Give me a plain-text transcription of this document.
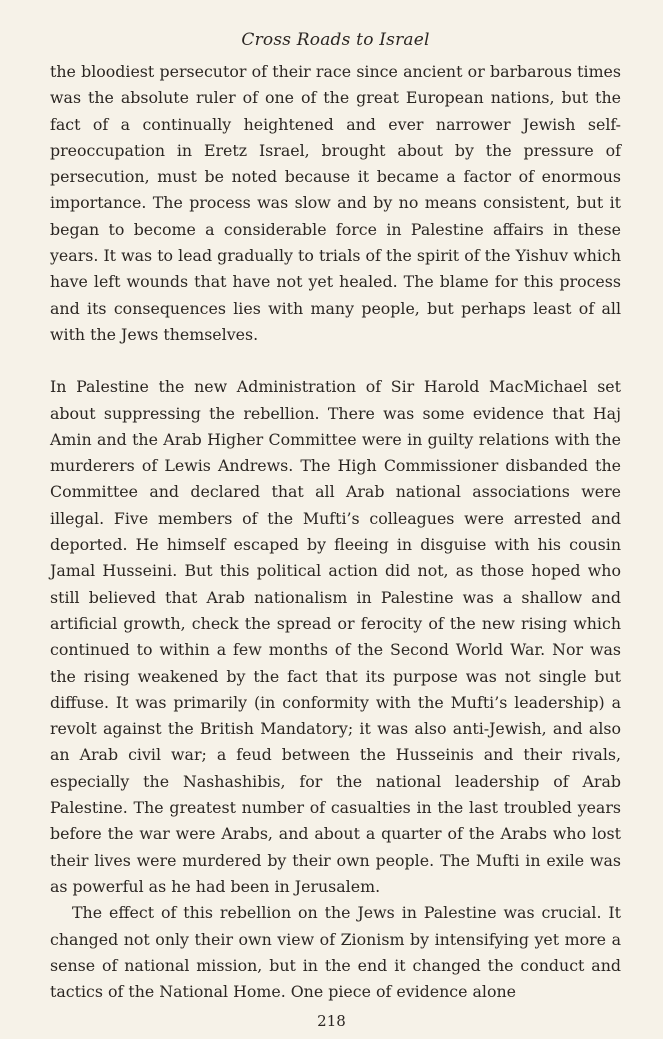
Cross Roads to Israel

the bloodiest persecutor of their race since ancient or barbarous times was the absolute ruler of one of the great European nations, but the fact of a continually heightened and ever narrower Jewish self-preoccupation in Eretz Israel, brought about by the pressure of persecution, must be noted because it became a factor of enormous importance. The process was slow and by no means consistent, but it began to become a considerable force in Palestine affairs in these years. It was to lead gradually to trials of the spirit of the Yishuv which have left wounds that have not yet healed. The blame for this process and its consequences lies with many people, but perhaps least of all with the Jews themselves.

In Palestine the new Administration of Sir Harold MacMichael set about suppressing the rebellion. There was some evidence that Haj Amin and the Arab Higher Committee were in guilty relations with the murderers of Lewis Andrews. The High Commissioner disbanded the Committee and declared that all Arab national associations were illegal. Five members of the Mufti’s colleagues were arrested and deported. He himself escaped by fleeing in disguise with his cousin Jamal Husseini. But this political action did not, as those hoped who still believed that Arab nationalism in Palestine was a shallow and artificial growth, check the spread or ferocity of the new rising which continued to within a few months of the Second World War. Nor was the rising weakened by the fact that its purpose was not single but diffuse. It was primarily (in conformity with the Mufti’s leadership) a revolt against the British Mandatory; it was also anti-Jewish, and also an Arab civil war; a feud between the Husseinis and their rivals, especially the Nashashibis, for the national leadership of Arab Palestine. The greatest number of casualties in the last troubled years before the war were Arabs, and about a quarter of the Arabs who lost their lives were murdered by their own people. The Mufti in exile was as powerful as he had been in Jerusalem.

The effect of this rebellion on the Jews in Palestine was crucial. It changed not only their own view of Zionism by intensifying yet more a sense of national mission, but in the end it changed the conduct and tactics of the National Home. One piece of evidence alone

218
